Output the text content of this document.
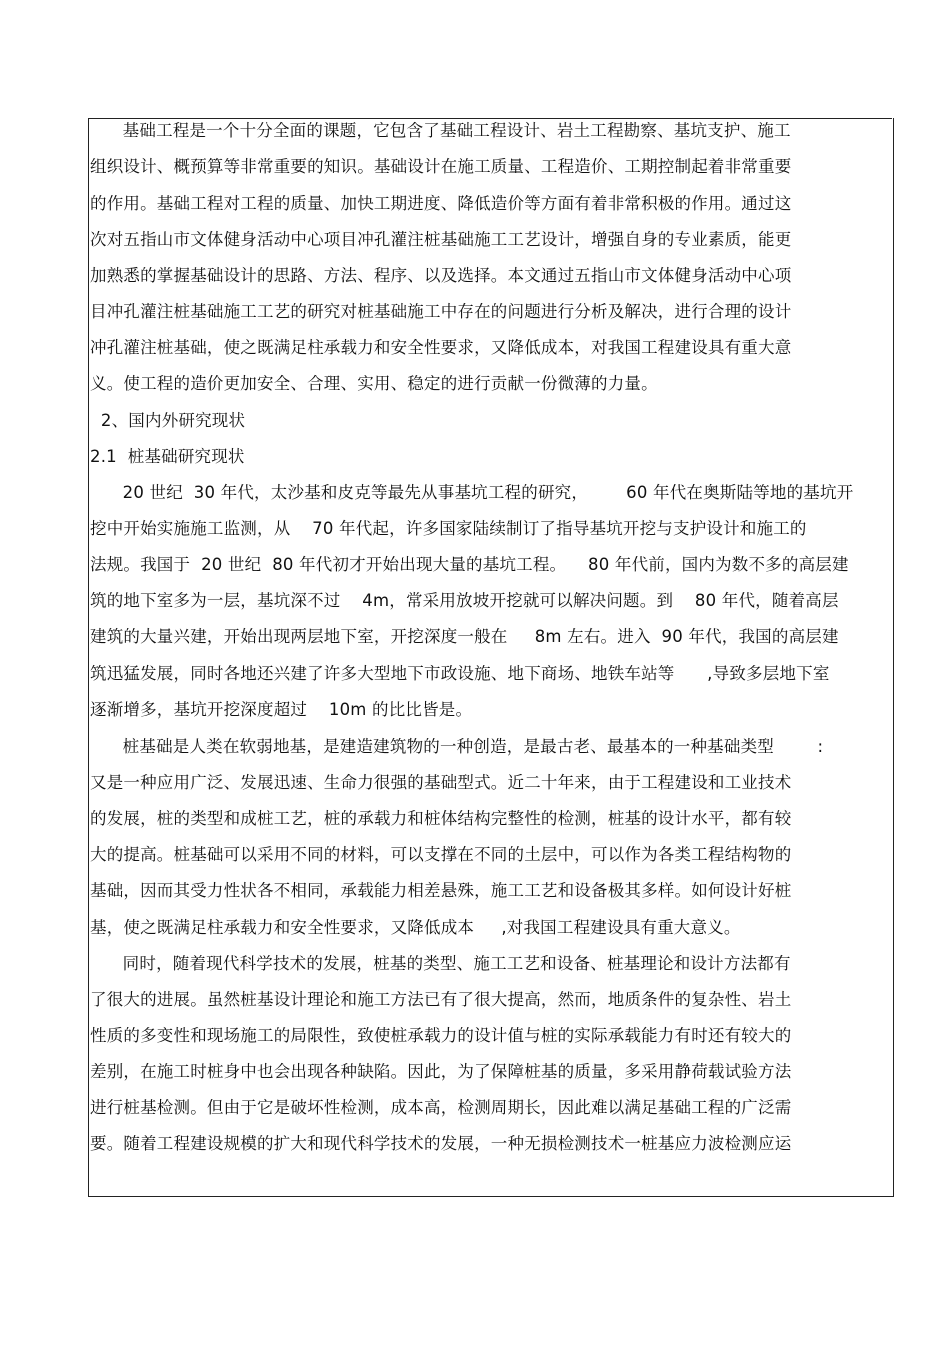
基础工程是一个十分全面的课题，它包含了基础工程设计、岩土工程勘察、基坑支护、施工
组织设计、概预算等非常重要的知识。基础设计在施工质量、工程造价、工期控制起着非常重要
的作用。基础工程对工程的质量、加快工期进度、降低造价等方面有着非常积极的作用。通过这
次对五指山市文体健身活动中心项目冲孔灌注桩基础施工工艺设计，增强自身的专业素质，能更
加熟悉的掌握基础设计的思路、方法、程序、以及选择。本文通过五指山市文体健身活动中心项
目冲孔灌注桩基础施工工艺的研究对桩基础施工中存在的问题进行分析及解决，进行合理的设计
冲孔灌注桩基础，使之既满足柱承载力和安全性要求，又降低成本，对我国工程建设具有重大意
义。使工程的造价更加安全、合理、实用、稳定的进行贡献一份微薄的力量。
2、国内外研究现状
2.1  桩基础研究现状
20 世纪  30 年代，太沙基和皮克等最先从事基坑工程的研究，       60 年代在奥斯陆等地的基坑开
挖中开始实施施工监测，从    70 年代起，许多国家陆续制订了指导基坑开挖与支护设计和施工的
法规。我国于  20 世纪  80 年代初才开始出现大量的基坑工程。    80 年代前，国内为数不多的高层建
筑的地下室多为一层，基坑深不过    4m，常采用放坡开挖就可以解决问题。到    80 年代，随着高层
建筑的大量兴建，开始出现两层地下室，开挖深度一般在     8m 左右。进入  90 年代，我国的高层建
筑迅猛发展，同时各地还兴建了许多大型地下市政设施、地下商场、地铁车站等      ,导致多层地下室
逐渐增多，基坑开挖深度超过    10m 的比比皆是。
桩基础是人类在软弱地基，是建造建筑物的一种创造，是最古老、最基本的一种基础类型        :
又是一种应用广泛、发展迅速、生命力很强的基础型式。近二十年来，由于工程建设和工业技术
的发展，桩的类型和成桩工艺，桩的承载力和桩体结构完整性的检测，桩基的设计水平，都有较
大的提高。桩基础可以采用不同的材料，可以支撑在不同的土层中，可以作为各类工程结构物的
基础，因而其受力性状各不相同，承载能力相差悬殊，施工工艺和设备极其多样。如何设计好桩
基，使之既满足柱承载力和安全性要求，又降低成本     ,对我国工程建设具有重大意义。
同时，随着现代科学技术的发展，桩基的类型、施工工艺和设备、桩基理论和设计方法都有
了很大的进展。虽然桩基设计理论和施工方法已有了很大提高，然而，地质条件的复杂性、岩土
性质的多变性和现场施工的局限性，致使桩承载力的设计值与桩的实际承载能力有时还有较大的
差别，在施工时桩身中也会出现各种缺陷。因此，为了保障桩基的质量，多采用静荷载试验方法
进行桩基检测。但由于它是破坏性检测，成本高，检测周期长，因此难以满足基础工程的广泛需
要。随着工程建设规模的扩大和现代科学技术的发展，一种无损检测技术一桩基应力波检测应运
